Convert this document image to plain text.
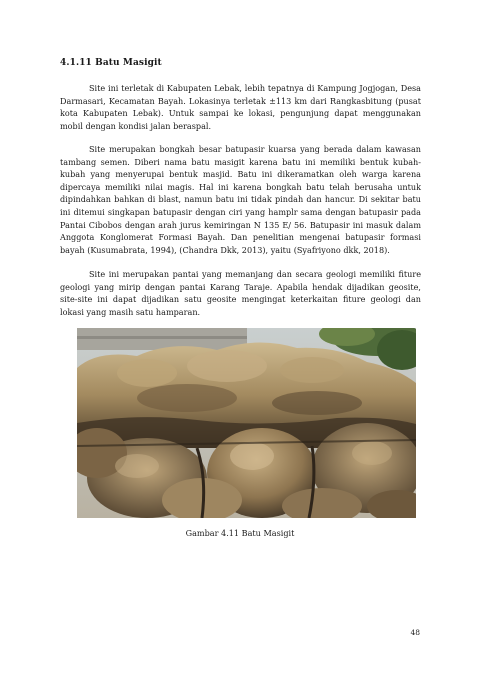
4.1.11 Batu Masigit

Site ini terletak di Kabupaten Lebak, lebih tepatnya di Kampung Jogjogan, Desa Darmasari, Kecamatan Bayah. Lokasinya terletak ±113 km dari Rangkasbitung (pusat kota Kabupaten Lebak). Untuk sampai ke lokasi, pengunjung dapat menggunakan mobil dengan kondisi jalan beraspal.

Site merupakan bongkah besar batupasir kuarsa yang berada dalam kawasan tambang semen. Diberi nama batu masigit karena batu ini memiliki bentuk kubah-kubah yang menyerupai bentuk masjid. Batu ini dikeramatkan oleh warga karena dipercaya memiliki nilai magis. Hal ini karena bongkah batu telah berusaha untuk dipindahkan bahkan di blast, namun batu ini tidak pindah dan hancur. Di sekitar batu ini ditemui singkapan batupasir dengan ciri yang hamplr sama dengan batupasir pada Pantai Cibobos dengan arah jurus kemiringan N 135 E/ 56. Batupasir ini masuk dalam Anggota Konglomerat Formasi Bayah. Dan penelitian mengenai batupasir formasi bayah (Kusumabrata, 1994), (Chandra Dkk, 2013), yaitu (Syafriyono dkk, 2018).

Site ini merupakan pantai yang memanjang dan secara geologi memiliki fiture geologi yang mirip dengan pantai Karang Taraje. Apabila hendak dijadikan geosite, site-site ini dapat dijadikan satu geosite mengingat keterkaitan fiture geologi dan lokasi yang masih satu hamparan.

Gambar 4.11 Batu Masigit
48
